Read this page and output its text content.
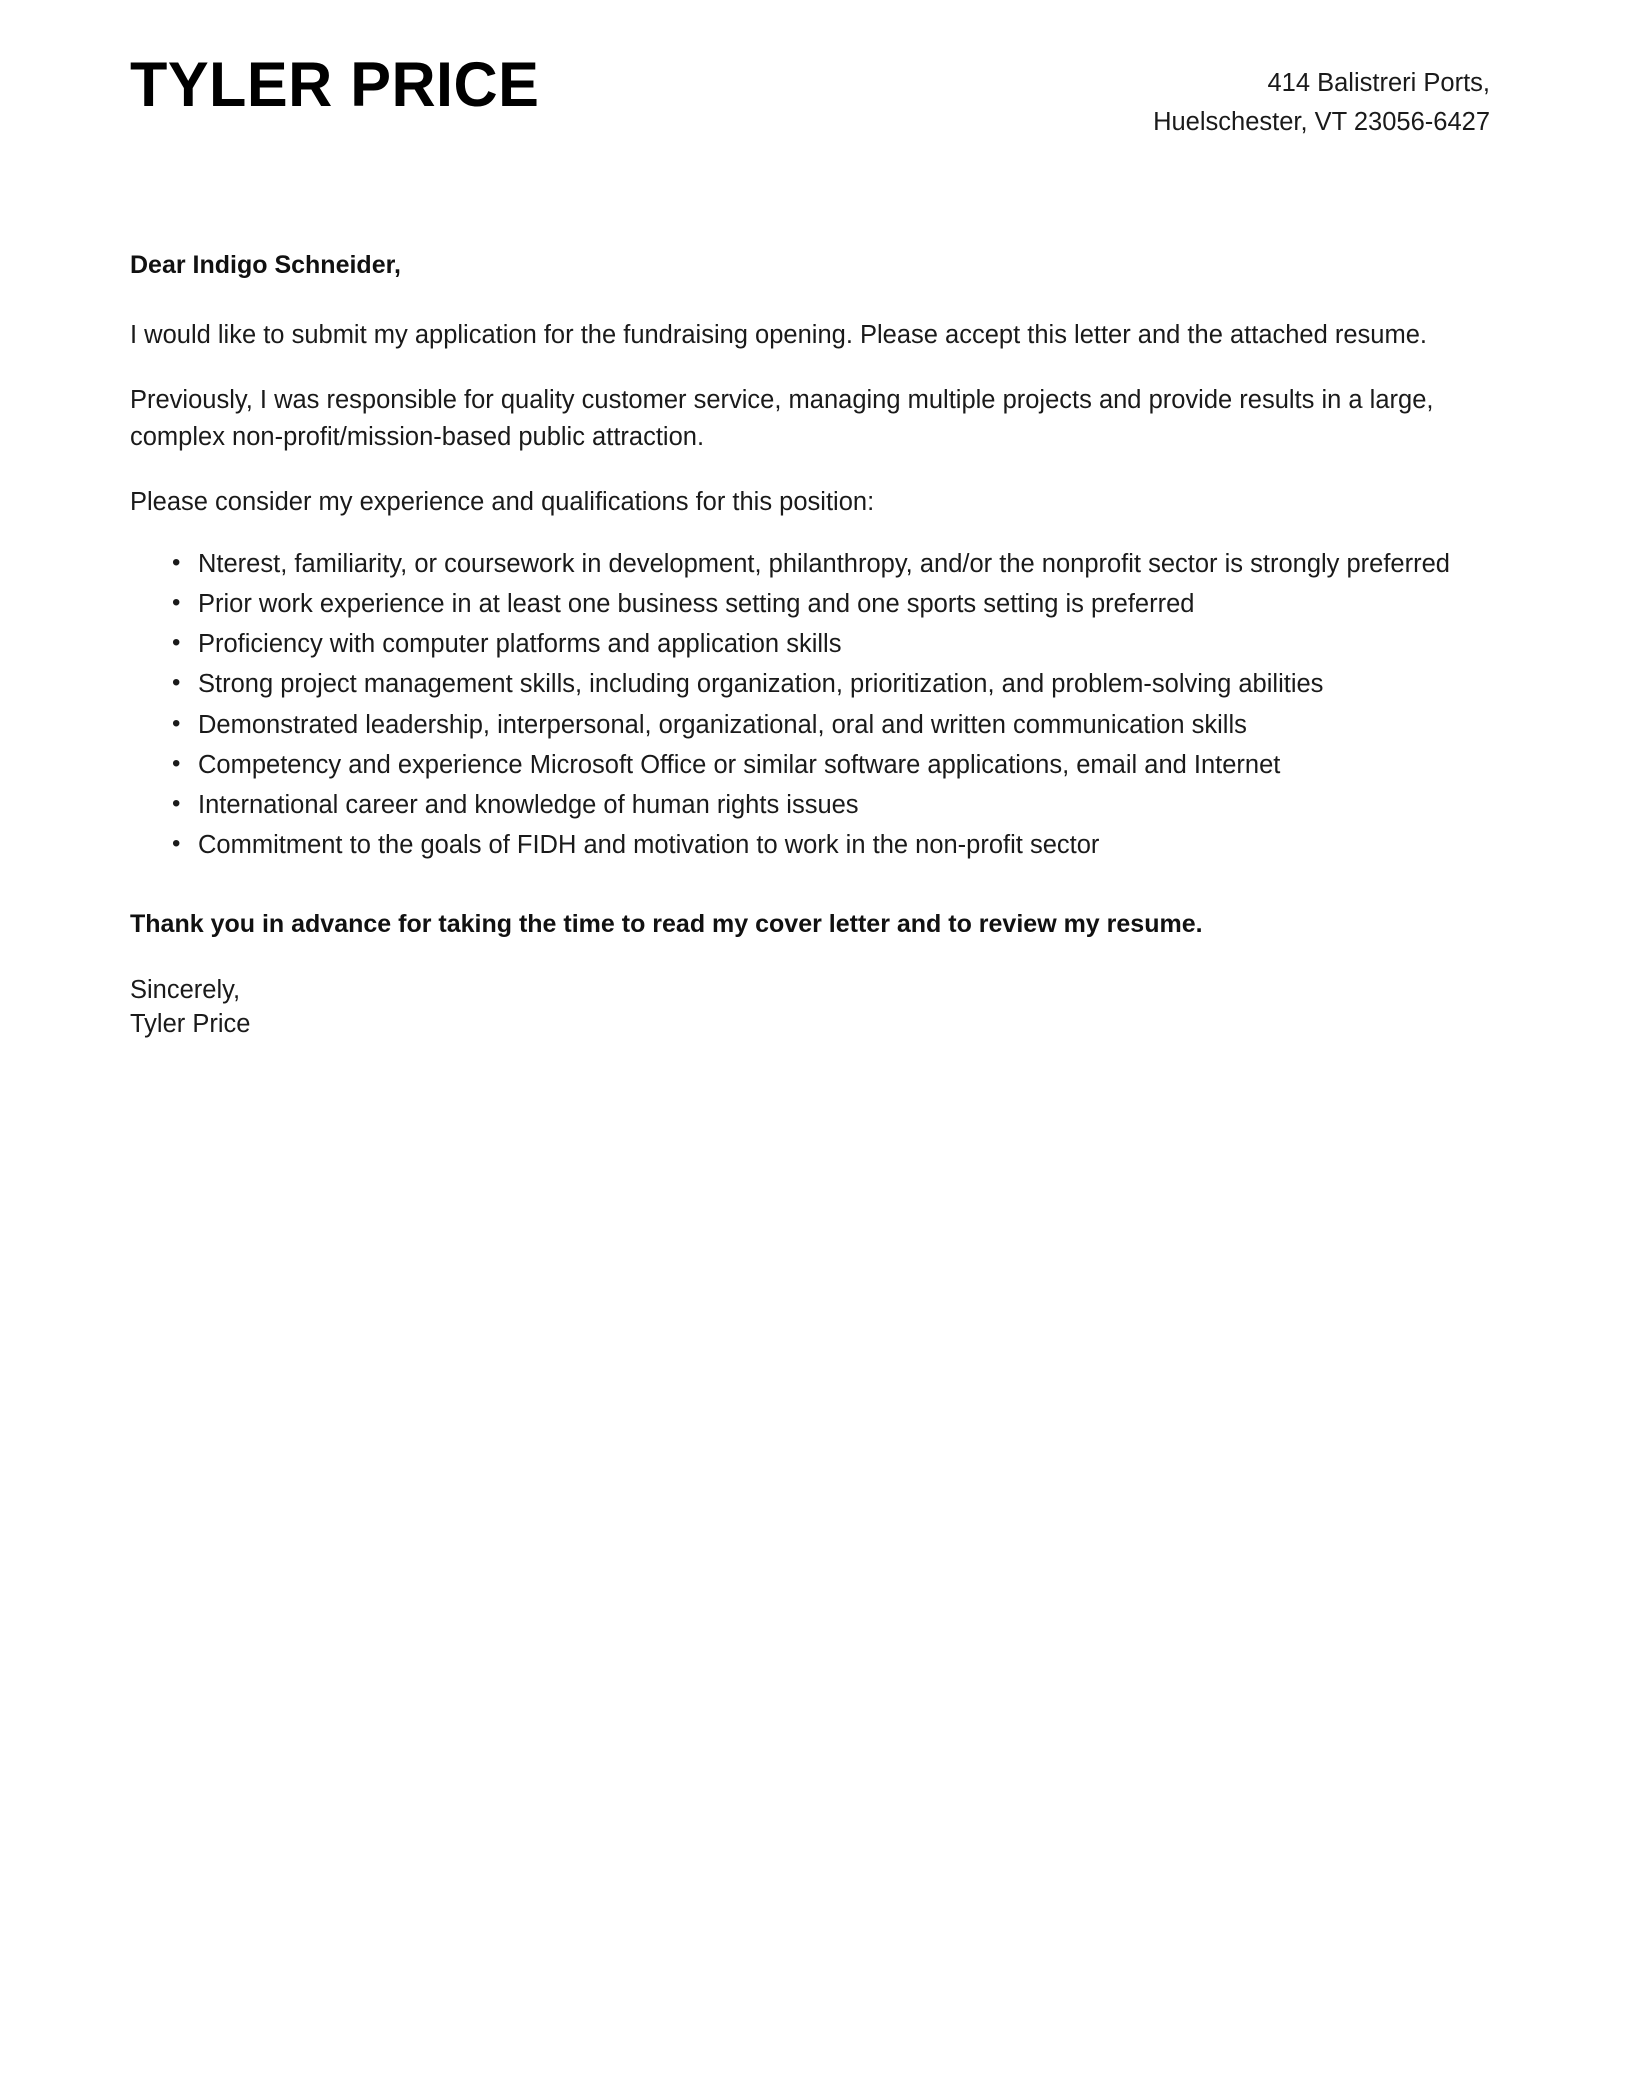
TYLER PRICE	414 Balistreri Ports,
Huelschester, VT 23056-6427

Dear Indigo Schneider,

I would like to submit my application for the fundraising opening. Please accept this letter and the attached resume.

Previously, I was responsible for quality customer service, managing multiple projects and provide results in a large, complex non-profit/mission-based public attraction.

Please consider my experience and qualifications for this position:

• Nterest, familiarity, or coursework in development, philanthropy, and/or the nonprofit sector is strongly preferred
• Prior work experience in at least one business setting and one sports setting is preferred
• Proficiency with computer platforms and application skills
• Strong project management skills, including organization, prioritization, and problem-solving abilities
• Demonstrated leadership, interpersonal, organizational, oral and written communication skills
• Competency and experience Microsoft Office or similar software applications, email and Internet
• International career and knowledge of human rights issues
• Commitment to the goals of FIDH and motivation to work in the non-profit sector

Thank you in advance for taking the time to read my cover letter and to review my resume.

Sincerely,
Tyler Price
